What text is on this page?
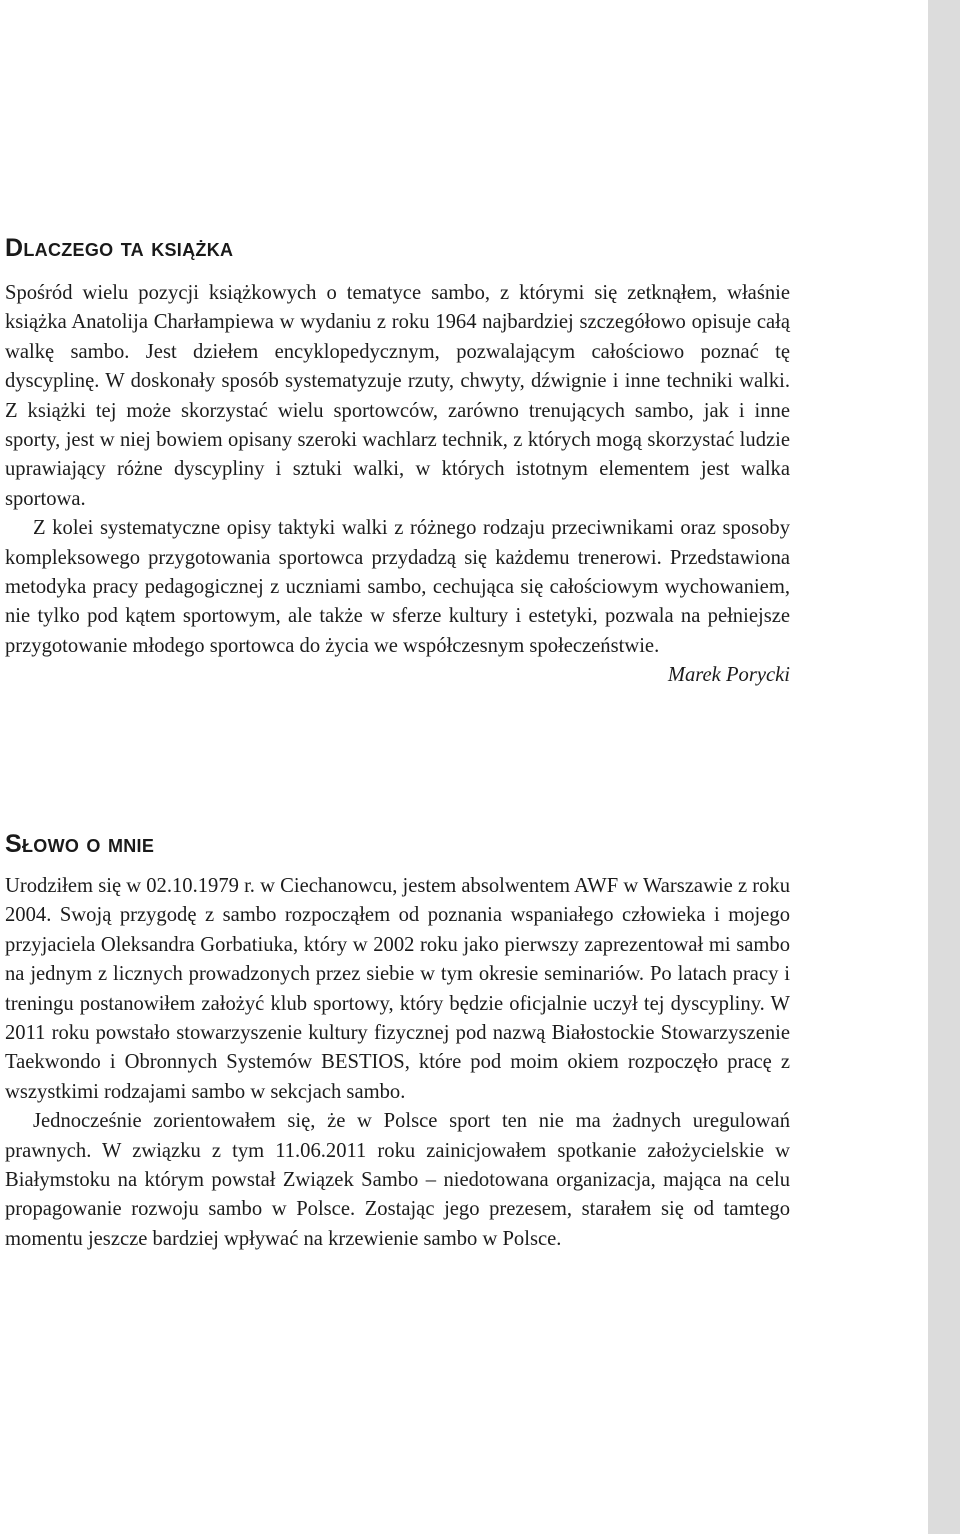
Dlaczego ta książka

Spośród wielu pozycji książkowych o tematyce sambo, z którymi się zetknąłem, właśnie książka Anatolija Charłampiewa w wydaniu z roku 1964 najbardziej szczegółowo opisuje całą walkę sambo. Jest dziełem encyklopedycznym, pozwalającym całościowo poznać tę dyscyplinę. W doskonały sposób systematyzuje rzuty, chwyty, dźwignie i inne techniki walki. Z książki tej może skorzystać wielu sportowców, zarówno trenujących sambo, jak i inne sporty, jest w niej bowiem opisany szeroki wachlarz technik, z których mogą skorzystać ludzie uprawiający różne dyscypliny i sztuki walki, w których istotnym elementem jest walka sportowa.

Z kolei systematyczne opisy taktyki walki z różnego rodzaju przeciwnikami oraz sposoby kompleksowego przygotowania sportowca przydadzą się każdemu trenerowi. Przedstawiona metodyka pracy pedagogicznej z uczniami sambo, cechująca się całościowym wychowaniem, nie tylko pod kątem sportowym, ale także w sferze kultury i estetyki, pozwala na pełniejsze przygotowanie młodego sportowca do życia we współczesnym społeczeństwie.

Marek Porycki

Słowo o mnie

Urodziłem się w 02.10.1979 r. w Ciechanowcu, jestem absolwentem AWF w Warszawie z roku 2004. Swoją przygodę z sambo rozpocząłem od poznania wspaniałego człowieka i mojego przyjaciela Oleksandra Gorbatiuka, który w 2002 roku jako pierwszy zaprezentował mi sambo na jednym z licznych prowadzonych przez siebie w tym okresie seminariów. Po latach pracy i treningu postanowiłem założyć klub sportowy, który będzie oficjalnie uczył tej dyscypliny. W 2011 roku powstało stowarzyszenie kultury fizycznej pod nazwą Białostockie Stowarzyszenie Taekwondo i Obronnych Systemów BESTIOS, które pod moim okiem rozpoczęło pracę z wszystkimi rodzajami sambo w sekcjach sambo.

Jednocześnie zorientowałem się, że w Polsce sport ten nie ma żadnych uregulowań prawnych. W związku z tym 11.06.2011 roku zainicjowałem spotkanie założycielskie w Białymstoku na którym powstał Związek Sambo – niedotowana organizacja, mająca na celu propagowanie rozwoju sambo w Polsce. Zostając jego prezesem, starałem się od tamtego momentu jeszcze bardziej wpływać na krzewienie sambo w Polsce.
